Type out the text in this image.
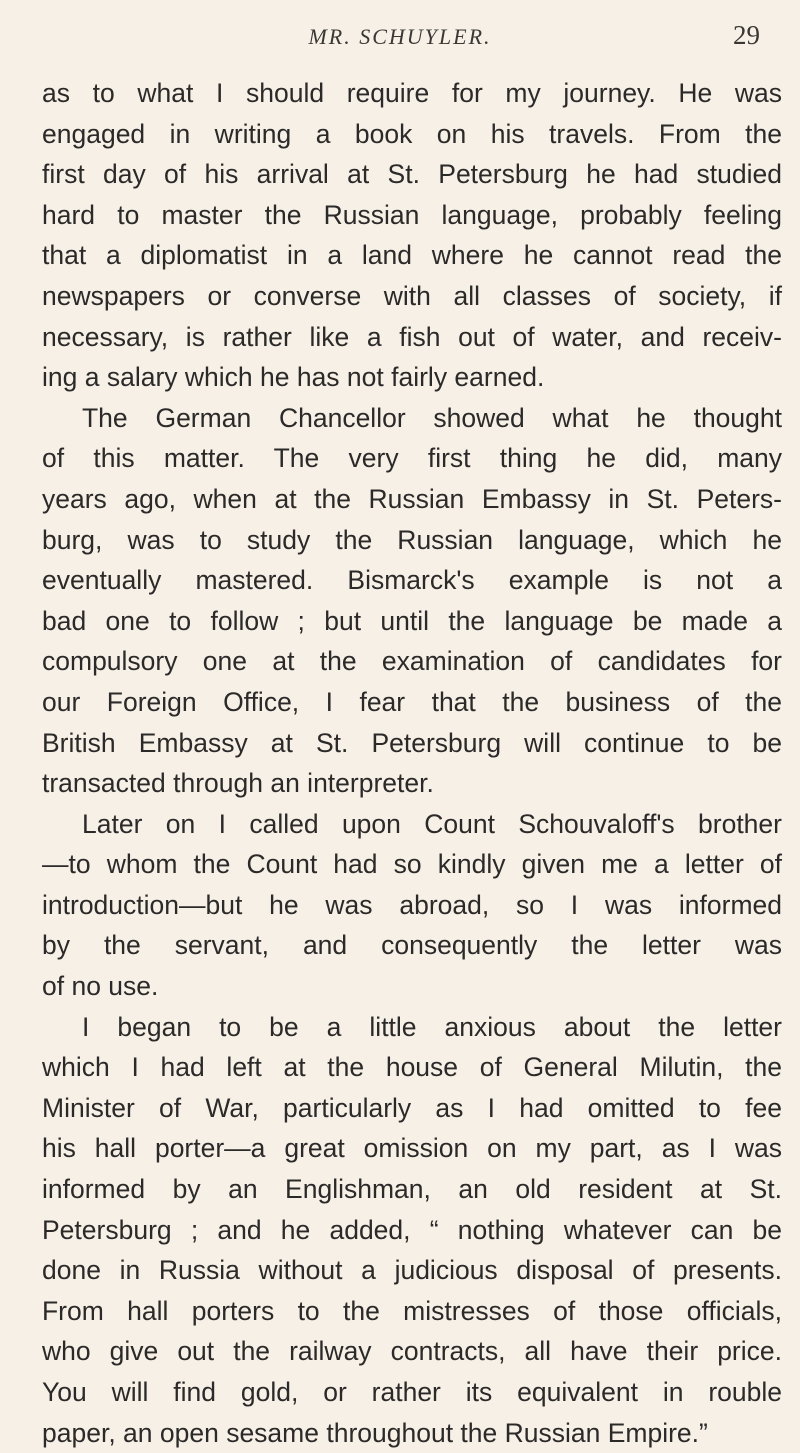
MR. SCHUYLER.	29
as to what I should require for my journey. He was
engaged in writing a book on his travels. From the
first day of his arrival at St. Petersburg he had studied
hard to master the Russian language, probably feeling
that a diplomatist in a land where he cannot read the
newspapers or converse with all classes of society, if
necessary, is rather like a fish out of water, and receiv-
ing a salary which he has not fairly earned.
The German Chancellor showed what he thought
of this matter. The very first thing he did, many
years ago, when at the Russian Embassy in St. Peters-
burg, was to study the Russian language, which he
eventually mastered. Bismarck's example is not a
bad one to follow ; but until the language be made a
compulsory one at the examination of candidates for
our Foreign Office, I fear that the business of the
British Embassy at St. Petersburg will continue to be
transacted through an interpreter.
Later on I called upon Count Schouvaloff's brother
—to whom the Count had so kindly given me a letter of
introduction—but he was abroad, so I was informed
by the servant, and consequently the letter was
of no use.
I began to be a little anxious about the letter
which I had left at the house of General Milutin, the
Minister of War, particularly as I had omitted to fee
his hall porter—a great omission on my part, as I was
informed by an Englishman, an old resident at St.
Petersburg ; and he added, “ nothing whatever can be
done in Russia without a judicious disposal of presents.
From hall porters to the mistresses of those officials,
who give out the railway contracts, all have their price.
You will find gold, or rather its equivalent in rouble
paper, an open sesame throughout the Russian Empire.”
